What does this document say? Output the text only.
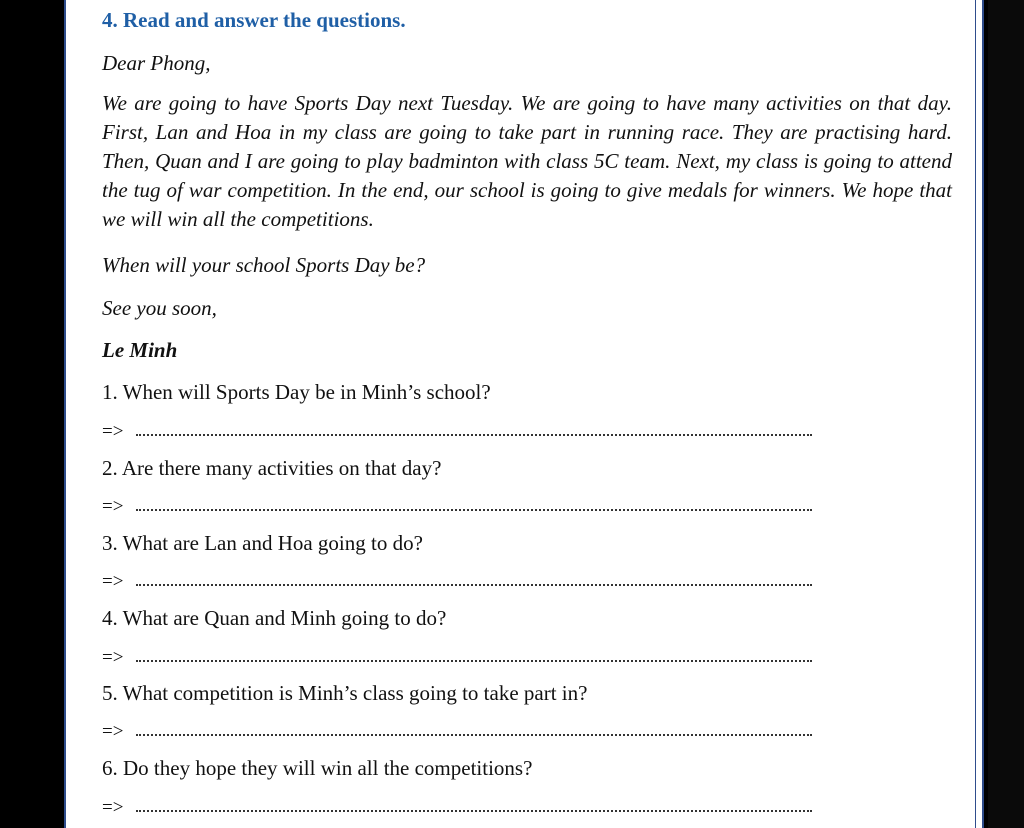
4. Read and answer the questions.
Dear Phong,
We are going to have Sports Day next Tuesday. We are going to have many activities on that day. First, Lan and Hoa in my class are going to take part in running race. They are practising hard. Then, Quan and I are going to play badminton with class 5C team. Next, my class is going to attend the tug of war competition. In the end, our school is going to give medals for winners. We hope that we will win all the competitions.
When will your school Sports Day be?
See you soon,
Le Minh
1. When will Sports Day be in Minh’s school?
=>
2. Are there many activities on that day?
=>
3. What are Lan and Hoa going to do?
=>
4. What are Quan and Minh going to do?
=>
5. What competition is Minh’s class going to take part in?
=>
6. Do they hope they will win all the competitions?
=>
